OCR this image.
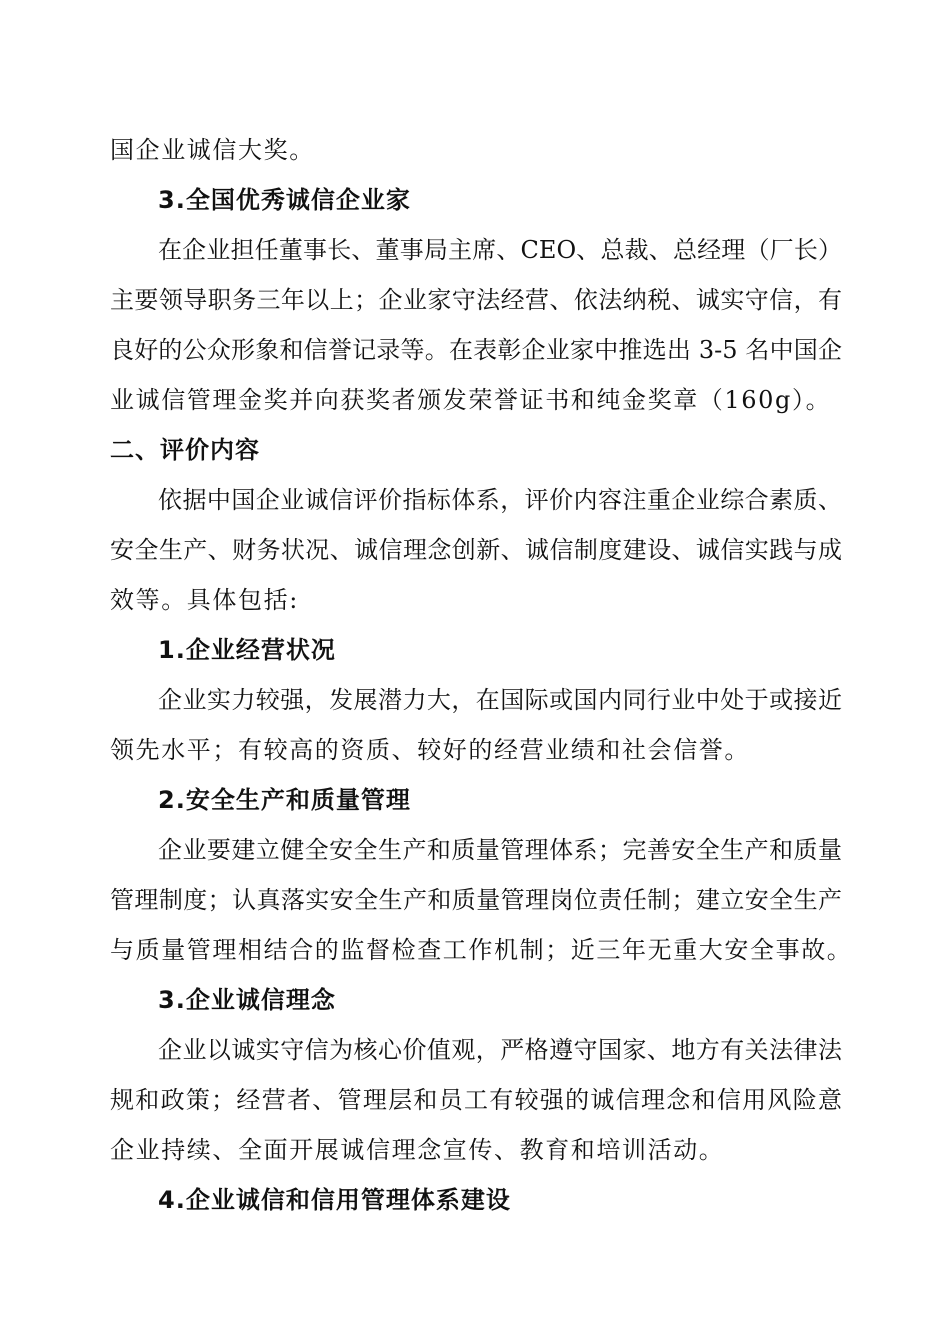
国企业诚信大奖。
3.全国优秀诚信企业家
在企业担任董事长、董事局主席、CEO、总裁、总经理（厂长）
主要领导职务三年以上；企业家守法经营、依法纳税、诚实守信，有
良好的公众形象和信誉记录等。在表彰企业家中推选出 3-5 名中国企
业诚信管理金奖并向获奖者颁发荣誉证书和纯金奖章（160g）。
二、评价内容
依据中国企业诚信评价指标体系，评价内容注重企业综合素质、
安全生产、财务状况、诚信理念创新、诚信制度建设、诚信实践与成
效等。具体包括:
1.企业经营状况
企业实力较强，发展潜力大，在国际或国内同行业中处于或接近
领先水平；有较高的资质、较好的经营业绩和社会信誉。
2.安全生产和质量管理
企业要建立健全安全生产和质量管理体系；完善安全生产和质量
管理制度；认真落实安全生产和质量管理岗位责任制；建立安全生产
与质量管理相结合的监督检查工作机制；近三年无重大安全事故。
3.企业诚信理念
企业以诚实守信为核心价值观，严格遵守国家、地方有关法律法
规和政策；经营者、管理层和员工有较强的诚信理念和信用风险意
企业持续、全面开展诚信理念宣传、教育和培训活动。
4.企业诚信和信用管理体系建设
